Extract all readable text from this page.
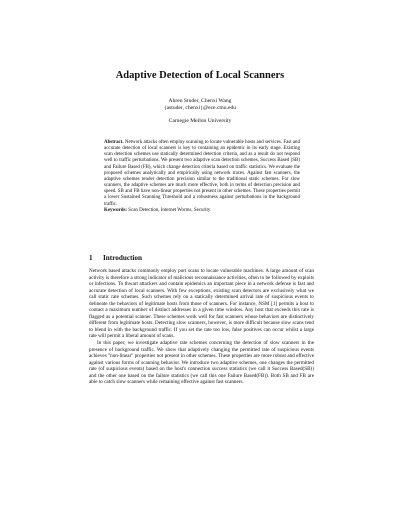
Adaptive Detection of Local Scanners
Ahren Studer, Chenxi Wang
{astuder, chenxi}@ece.cmu.edu
Carnegie Mellon University

Abstract. Network attacks often employ scanning to locate vulnerable hosts and services. Fast and accurate detection of local scanners is key to containing an epidemic in its early stage. Existing scan detection schemes use statically determined detection criteria, and as a result do not respond well to traffic perturbations. We present two adaptive scan detection schemes, Success Based (SB) and Failure Based (FB), which change detection criteria based on traffic statistics. We evaluate the proposed schemes analytically and empirically using network traces. Against fast scanners, the adaptive schemes render detection precision similar to the traditional static schemes. For slow scanners, the adaptive schemes are much more effective, both in terms of detection precision and speed. SB and FB have non-linear properties not present in other schemes. These properties permit a lower Sustained Scanning Threshold and a robustness against perturbations in the background traffic.

Keywords: Scan Detection, Internet Worms, Security

1 Introduction

Network based attacks commonly employ port scans to locate vulnerable machines. A large amount of scan activity is therefore a strong indicator of malicious reconnaissance activities, often to be followed by exploits or infections. To thwart attackers and contain epidemics an important piece in a network defense is fast and accurate detection of local scanners. With few exceptions, existing scan detectors are exclusively what we call static rate schemes. Such schemes rely on a statically determined arrival rate of suspicious events to delineate the behaviors of legitimate hosts from those of scanners. For instance, NSM [1] permits a host to contact a maximum number of distinct addresses in a given time window. Any host that exceeds this rate is flagged as a potential scanner. These schemes work well for fast scanners whose behaviors are distinctively different from legitimate hosts. Detecting slow scanners, however, is more difficult because slow scans tend to blend in with the background traffic. If you set the rate too low, false positives can occur whilst a large rate will permit a liberal amount of scans.

In this paper, we investigate adaptive rate schemes concerning the detection of slow scanners in the presence of background traffic. We show that adaptively changing the permitted rate of suspicious events achieves "non-linear" properties not present in other schemes. These properties are more robust and effective against various forms of scanning behavior. We introduce two adaptive schemes, one changes the permitted rate (of suspicious events) based on the host's connection success statistics (we call it Success Based(SB)) and the other one based on the failure statistics (we call this one Failure Based(FB)). Both SB and FB are able to catch slow scanners while remaining effective against fast scanners.
